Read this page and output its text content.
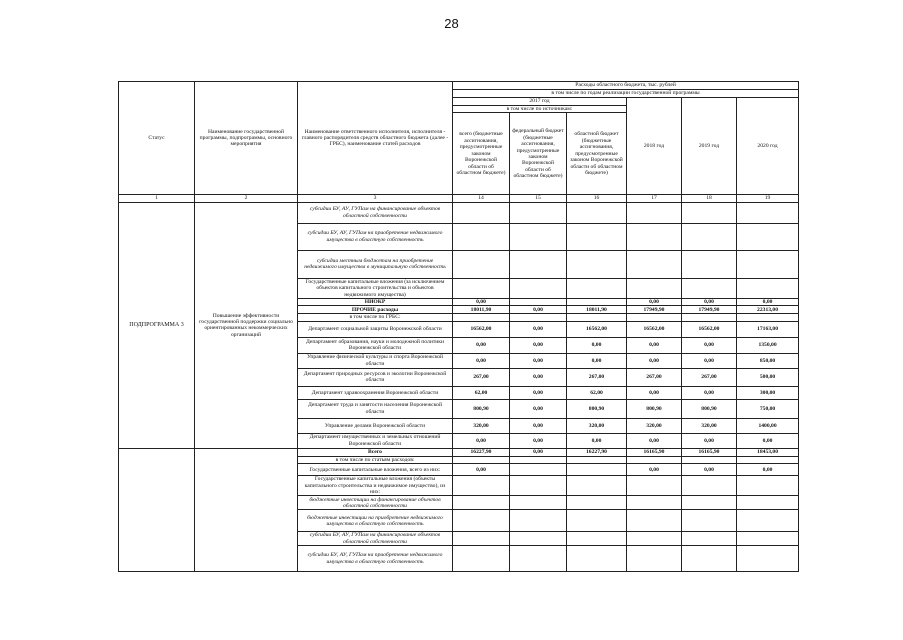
28
Статус	Наименование государственной программы, подпрограммы, основного мероприятия	Наименование ответственного исполнителя, исполнителя - главного распорядителя средств областного бюджета (далее - ГРБС), наименование статей расходов	Расходы областного бюджета, тыс. рублей					
			в том числе по годам реализации государственной программы					
			2017 год			2018 год	2019 год	2020 год
			в том числе по источникам:					
			всего (бюджетные ассигнования, предусмотренные законом Воронежской области об областном бюджете)	федеральный бюджет (бюджетные ассигнования, предусмотренные законом Воронежской области об областном бюджете)	областной бюджет (бюджетные ассигнования, предусмотренные законом Воронежской области об областном бюджете)			
1	2	3	14	15	16	17	18	19
ПОДПРОГРАММА 3	Повышение эффективности государственной поддержки социально ориентированных некоммерческих организаций	субсидии БУ, АУ, ГУПам на финансирование объектов областной собственности						
		субсидии БУ, АУ, ГУПам на приобретение недвижимого имущества в областную собственность						
		субсидии местным бюджетам на приобретение недвижимого имущества в муниципальную собственность						
		Государственные капитальные вложения (за исключением объектов капитального строительства и объектов недвижимого имущества)						
		НИОКР	0,00			0,00	0,00	0,00
		ПРОЧИЕ расходы	18011,90	0,00	18011,90	17949,90	17949,90	22313,00
		в том числе по ГРБС:						
		Департамент социальной защиты Воронежской области	16562,00	0,00	16562,00	16562,00	16562,00	17163,00
		Департамент образования, науки и молодежной политики Воронежской области	0,00	0,00	0,00	0,00	0,00	1350,00
		Управление физической культуры и спорта Воронежской области	0,00	0,00	0,00	0,00	0,00	850,00
		Департамент природных ресурсов и экологии Воронежской области	267,00	0,00	267,00	267,00	267,00	500,00
		Департамент здравоохранения Воронежской области	62,00	0,00	62,00	0,00	0,00	300,00
		Департамент труда и занятости населения Воронежской области	800,90	0,00	800,90	800,90	800,90	750,00
		Управление делами Воронежской области	320,00	0,00	320,00	320,00	320,00	1400,00
		Департамент имущественных и земельных отношений Воронежской области	0,00	0,00	0,00	0,00	0,00	0,00
		Всего	16227,90	0,00	16227,90	16165,90	16165,90	18453,00
		в том числе по статьям расходов:						
		Государственные капитальные вложения, всего из них:	0,00			0,00	0,00	0,00
		Государственные капитальные вложения (объекты капитального строительства и недвижимое имущество), из них:						
		бюджетные инвестиции на финансирование объектов областной собственности						
		бюджетные инвестиции на приобретение недвижимого имущества в областную собственность						
		субсидии БУ, АУ, ГУПам на финансирование объектов областной собственности						
		субсидии БУ, АУ, ГУПам на приобретение недвижимого имущества в областную собственность						
